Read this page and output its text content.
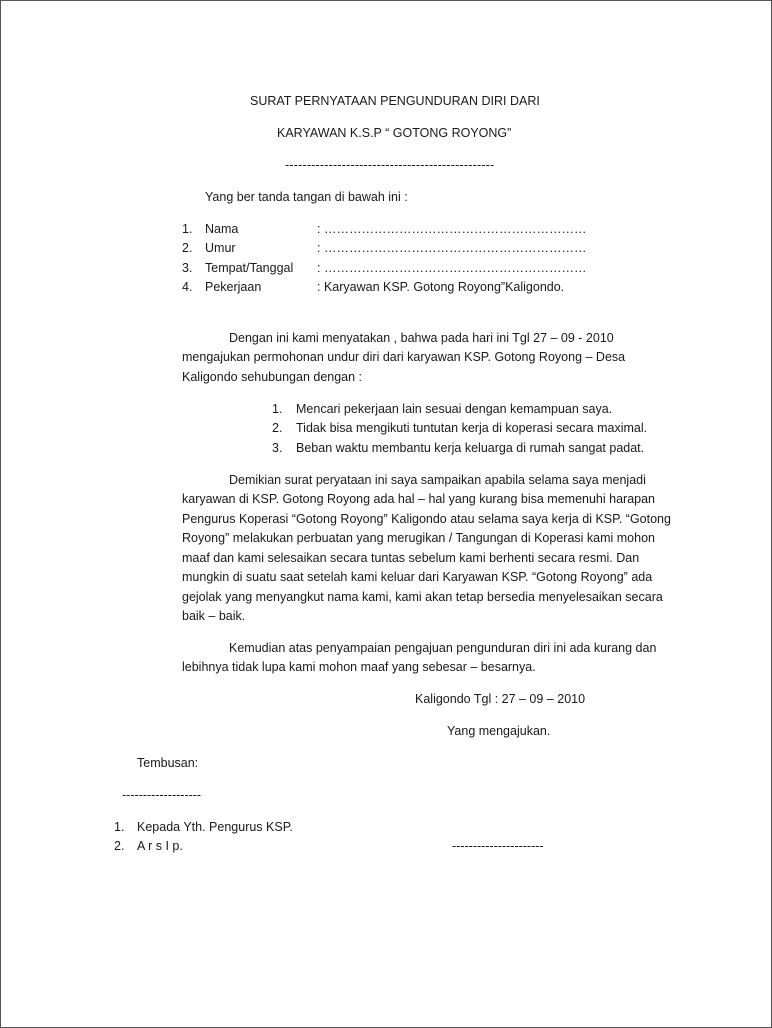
SURAT PERNYATAAN PENGUNDURAN DIRI DARI
KARYAWAN K.S.P “ GOTONG ROYONG”
------------------------------------------------
Yang ber tanda tangan di bawah ini :
1. Nama	: ………………………………………………………
2. Umur	: ………………………………………………………
3. Tempat/Tanggal : ………………………………………………………
4. Pekerjaan	: Karyawan KSP. Gotong Royong”Kaligondo.
Dengan ini kami menyatakan , bahwa pada hari ini Tgl 27 – 09 - 2010
mengajukan permohonan undur diri dari karyawan KSP. Gotong Royong – Desa
Kaligondo sehubungan dengan :
1. Mencari pekerjaan lain sesuai dengan kemampuan saya.
2. Tidak bisa mengikuti tuntutan kerja di koperasi secara maximal.
3. Beban waktu membantu kerja keluarga di rumah sangat padat.
Demikian surat peryataan ini saya sampaikan apabila selama saya menjadi
karyawan di KSP. Gotong Royong ada hal – hal yang kurang bisa memenuhi harapan
Pengurus Koperasi “Gotong Royong” Kaligondo atau selama saya kerja di KSP. “Gotong
Royong” melakukan perbuatan yang merugikan / Tangungan di Koperasi kami mohon
maaf dan kami selesaikan secara tuntas sebelum kami berhenti secara resmi. Dan
mungkin di suatu saat setelah kami keluar dari Karyawan KSP. “Gotong Royong” ada
gejolak yang menyangkut nama kami, kami akan tetap bersedia menyelesaikan secara
baik – baik.
Kemudian atas penyampaian pengajuan pengunduran diri ini ada kurang dan
lebihnya tidak lupa kami mohon maaf yang sebesar – besarnya.
Kaligondo Tgl : 27 – 09 – 2010
Yang mengajukan.
Tembusan:
-------------------
1. Kepada Yth. Pengurus KSP.
2. A r s I p.	----------------------
